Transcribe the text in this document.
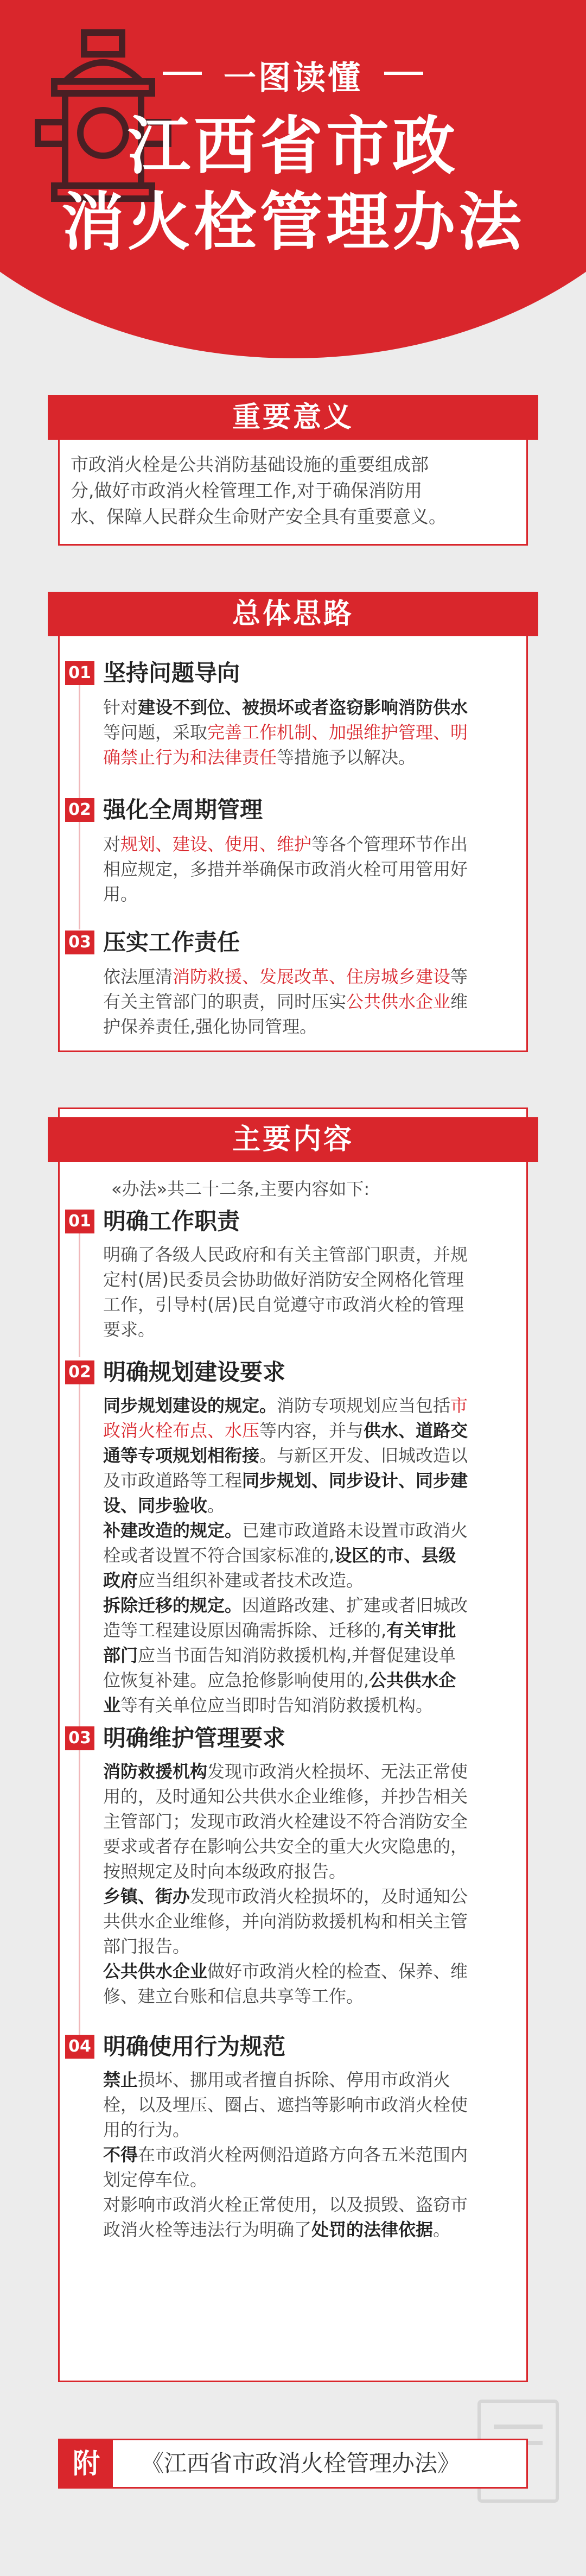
一图读懂
江西省市政
消火栓管理办法
重要意义
市政消火栓是公共消防基础设施的重要组成部
分,做好市政消火栓管理工作,对于确保消防用
水、保障人民群众生命财产安全具有重要意义。
总体思路
01 坚持问题导向
针对建设不到位、被损坏或者盗窃影响消防供水
等问题，采取完善工作机制、加强维护管理、明
确禁止行为和法律责任等措施予以解决。
02 强化全周期管理
对规划、建设、使用、维护等各个管理环节作出
相应规定，多措并举确保市政消火栓可用管用好
用。
03 压实工作责任
依法厘清消防救援、发展改革、住房城乡建设等
有关主管部门的职责，同时压实公共供水企业维
护保养责任,强化协同管理。
主要内容
«办法»共二十二条,主要内容如下:
01 明确工作职责
明确了各级人民政府和有关主管部门职责，并规
定村(居)民委员会协助做好消防安全网格化管理
工作，引导村(居)民自觉遵守市政消火栓的管理
要求。
02 明确规划建设要求
同步规划建设的规定。消防专项规划应当包括市
政消火栓布点、水压等内容，并与供水、道路交
通等专项规划相衔接。与新区开发、旧城改造以
及市政道路等工程同步规划、同步设计、同步建
设、同步验收。
补建改造的规定。已建市政道路未设置市政消火
栓或者设置不符合国家标准的,设区的市、县级
政府应当组织补建或者技术改造。
拆除迁移的规定。因道路改建、扩建或者旧城改
造等工程建设原因确需拆除、迁移的,有关审批
部门应当书面告知消防救援机构,并督促建设单
位恢复补建。应急抢修影响使用的,公共供水企
业等有关单位应当即时告知消防救援机构。
03 明确维护管理要求
消防救援机构发现市政消火栓损坏、无法正常使
用的，及时通知公共供水企业维修，并抄告相关
主管部门；发现市政消火栓建设不符合消防安全
要求或者存在影响公共安全的重大火灾隐患的，
按照规定及时向本级政府报告。
乡镇、街办发现市政消火栓损坏的，及时通知公
共供水企业维修，并向消防救援机构和相关主管
部门报告。
公共供水企业做好市政消火栓的检查、保养、维
修、建立台账和信息共享等工作。
04 明确使用行为规范
禁止损坏、挪用或者擅自拆除、停用市政消火
栓，以及埋压、圈占、遮挡等影响市政消火栓使
用的行为。
不得在市政消火栓两侧沿道路方向各五米范围内
划定停车位。
对影响市政消火栓正常使用，以及损毁、盗窃市
政消火栓等违法行为明确了处罚的法律依据。
附	《江西省市政消火栓管理办法》
